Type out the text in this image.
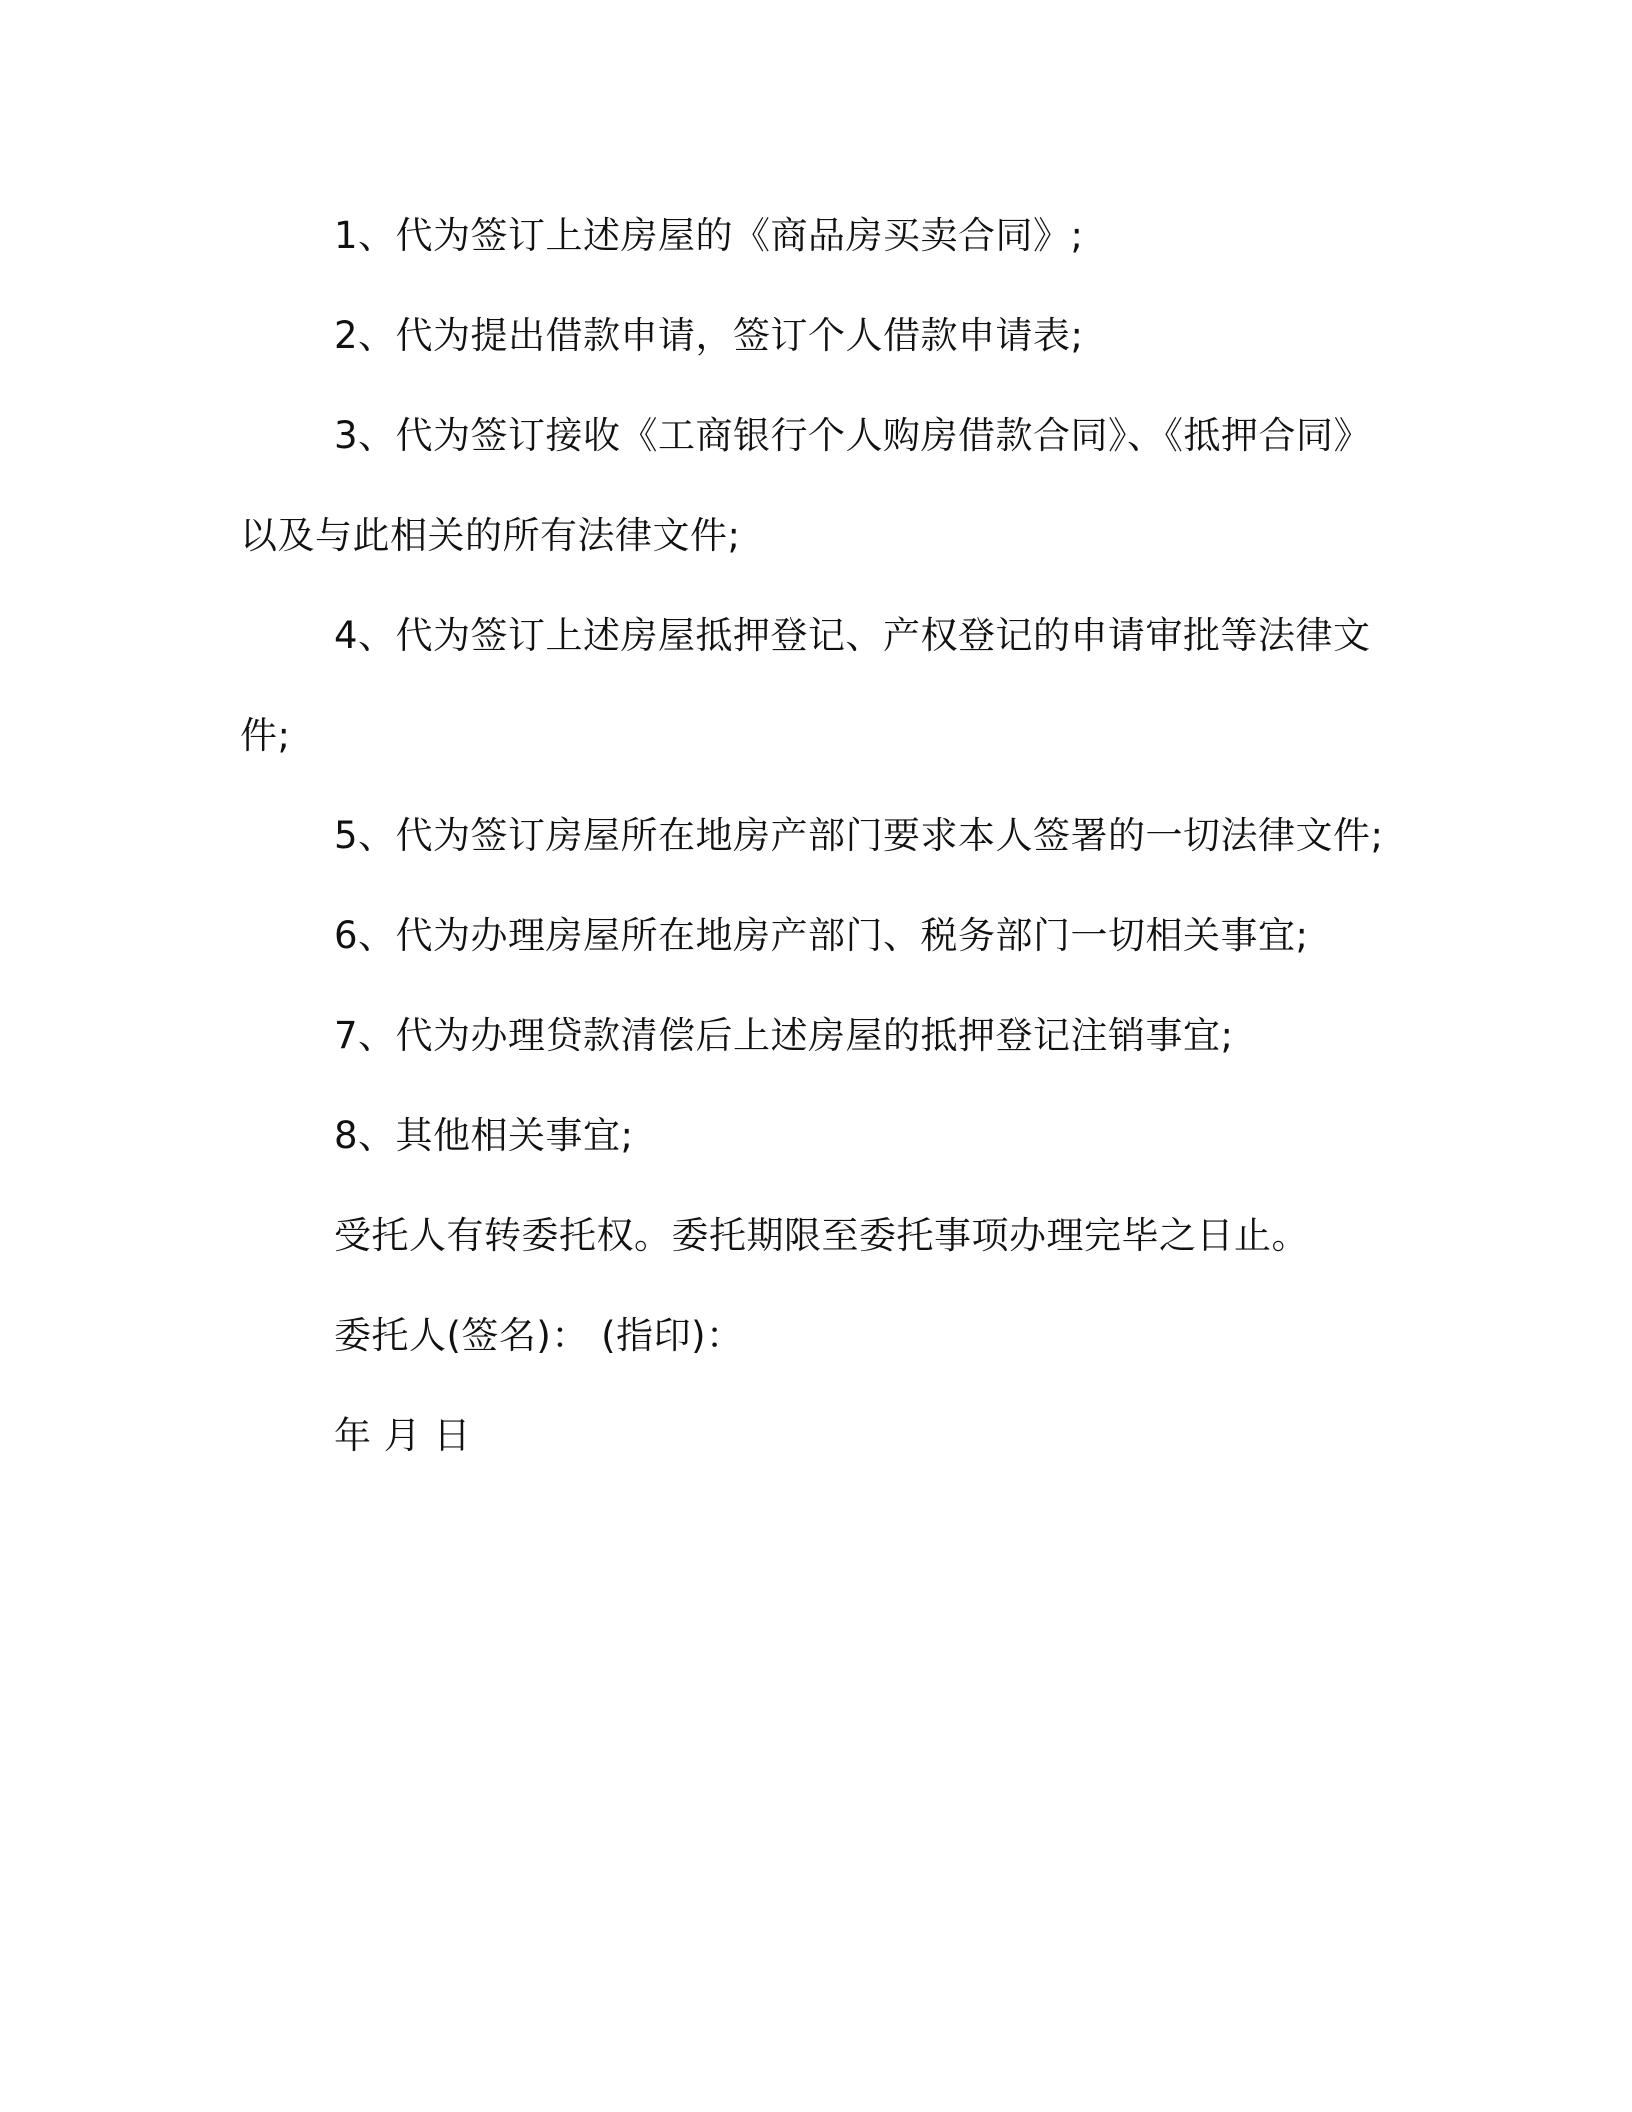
1、代为签订上述房屋的《商品房买卖合同》;

2、代为提出借款申请，签订个人借款申请表;

3、代为签订接收《工商银行个人购房借款合同》、《抵押合同》以及与此相关的所有法律文件;

4、代为签订上述房屋抵押登记、产权登记的申请审批等法律文件;

5、代为签订房屋所在地房产部门要求本人签署的一切法律文件;

6、代为办理房屋所在地房产部门、税务部门一切相关事宜;

7、代为办理贷款清偿后上述房屋的抵押登记注销事宜;

8、其他相关事宜;

受托人有转委托权。委托期限至委托事项办理完毕之日止。

委托人(签名)： (指印)：

年 月 日
